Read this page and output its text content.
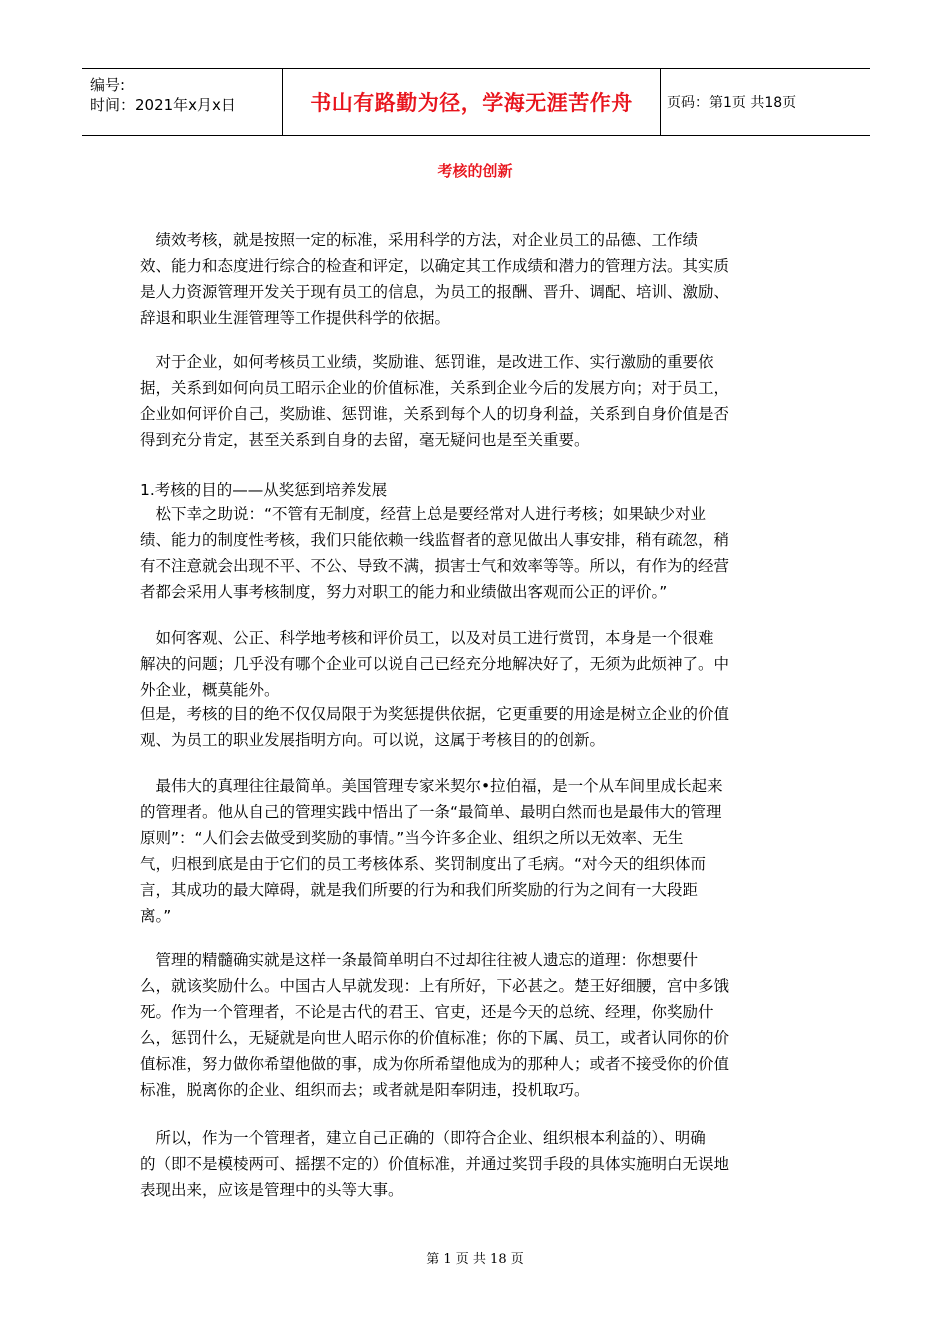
编号:
时间：2021年x月x日	书山有路勤为径，学海无涯苦作舟 页码：第1页 共18页
考核的创新
　绩效考核，就是按照一定的标准，采用科学的方法，对企业员工的品德、工作绩
效、能力和态度进行综合的检查和评定，以确定其工作成绩和潜力的管理方法。其实质
是人力资源管理开发关于现有员工的信息，为员工的报酬、晋升、调配、培训、激励、
辞退和职业生涯管理等工作提供科学的依据。
　对于企业，如何考核员工业绩，奖励谁、惩罚谁，是改进工作、实行激励的重要依
据，关系到如何向员工昭示企业的价值标准，关系到企业今后的发展方向；对于员工，
企业如何评价自己，奖励谁、惩罚谁，关系到每个人的切身利益，关系到自身价值是否
得到充分肯定，甚至关系到自身的去留，毫无疑问也是至关重要。
1.考核的目的——从奖惩到培养发展
　松下幸之助说：“不管有无制度，经营上总是要经常对人进行考核；如果缺少对业
绩、能力的制度性考核，我们只能依赖一线监督者的意见做出人事安排，稍有疏忽，稍
有不注意就会出现不平、不公、导致不满，损害士气和效率等等。所以，有作为的经营
者都会采用人事考核制度，努力对职工的能力和业绩做出客观而公正的评价。”
　如何客观、公正、科学地考核和评价员工，以及对员工进行赏罚，本身是一个很难
解决的问题；几乎没有哪个企业可以说自己已经充分地解决好了，无须为此烦神了。中
外企业，概莫能外。
但是，考核的目的绝不仅仅局限于为奖惩提供依据，它更重要的用途是树立企业的价值
观、为员工的职业发展指明方向。可以说，这属于考核目的的创新。
　最伟大的真理往往最简单。美国管理专家米契尔•拉伯福，是一个从车间里成长起来
的管理者。他从自己的管理实践中悟出了一条“最简单、最明白然而也是最伟大的管理
原则”：“人们会去做受到奖励的事情。”当今许多企业、组织之所以无效率、无生
气，归根到底是由于它们的员工考核体系、奖罚制度出了毛病。“对今天的组织体而
言，其成功的最大障碍，就是我们所要的行为和我们所奖励的行为之间有一大段距
离。”
　管理的精髓确实就是这样一条最简单明白不过却往往被人遗忘的道理：你想要什
么，就该奖励什么。中国古人早就发现：上有所好，下必甚之。楚王好细腰，宫中多饿
死。作为一个管理者，不论是古代的君王、官吏，还是今天的总统、经理，你奖励什
么，惩罚什么，无疑就是向世人昭示你的价值标准；你的下属、员工，或者认同你的价
值标准，努力做你希望他做的事，成为你所希望他成为的那种人；或者不接受你的价值
标准，脱离你的企业、组织而去；或者就是阳奉阴违，投机取巧。
　所以，作为一个管理者，建立自己正确的（即符合企业、组织根本利益的）、明确
的（即不是模棱两可、摇摆不定的）价值标准，并通过奖罚手段的具体实施明白无误地
表现出来，应该是管理中的头等大事。
第 1 页 共 18 页
